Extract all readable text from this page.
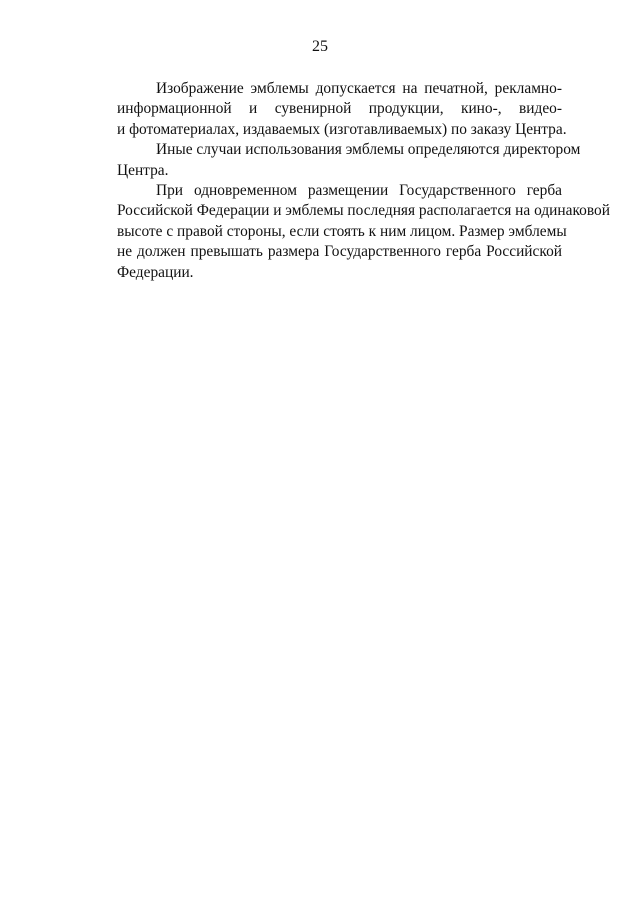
25
Изображение эмблемы допускается на печатной, рекламно-
информационной и сувенирной продукции, кино-, видео-
и фотоматериалах, издаваемых (изготавливаемых) по заказу Центра.
Иные случаи использования эмблемы определяются директором
Центра.
При одновременном размещении Государственного герба
Российской Федерации и эмблемы последняя располагается на одинаковой
высоте с правой стороны, если стоять к ним лицом. Размер эмблемы
не должен превышать размера Государственного герба Российской
Федерации.
